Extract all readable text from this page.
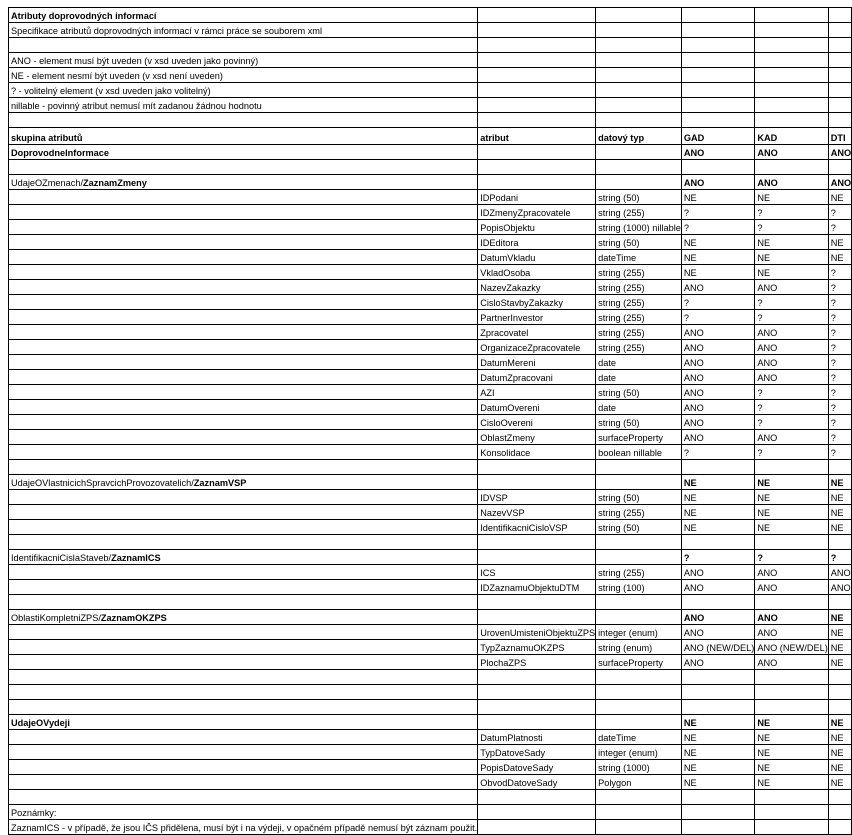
Atributy doprovodných informací					
Specifikace atributů doprovodných informací v rámci práce se souborem xml					

ANO - element musí být uveden (v xsd uveden jako povinný)					
NE - element nesmí být uveden (v xsd není uveden)					
? - volitelný element (v xsd uveden jako volitelný)					
nillable - povinný atribut nemusí mít zadanou žádnou hodnotu					

skupina atributů	atribut	datový typ	GAD	KAD	DTI
DoprovodneInformace			ANO	ANO	ANO

UdajeOZmenach/ZaznamZmeny			ANO	ANO	ANO
	IDPodani	string (50)	NE	NE	NE
	IDZmenyZpracovatele	string (255)	?	?	?
	PopisObjektu	string (1000) nillable	?	?	?
	IDEditora	string (50)	NE	NE	NE
	DatumVkladu	dateTime	NE	NE	NE
	VkladOsoba	string (255)	NE	NE	?
	NazevZakazky	string (255)	ANO	ANO	?
	CisloStavbyZakazky	string (255)	?	?	?
	PartnerInvestor	string (255)	?	?	?
	Zpracovatel	string (255)	ANO	ANO	?
	OrganizaceZpracovatele	string (255)	ANO	ANO	?
	DatumMereni	date	ANO	ANO	?
	DatumZpracovani	date	ANO	ANO	?
	AZI	string (50)	ANO	?	?
	DatumOvereni	date	ANO	?	?
	CisloOvereni	string (50)	ANO	?	?
	OblastZmeny	surfaceProperty	ANO	ANO	?
	Konsolidace	boolean nillable	?	?	?

UdajeOVlastnicichSpravcichProvozovatelich/ZaznamVSP			NE	NE	NE
	IDVSP	string (50)	NE	NE	NE
	NazevVSP	string (255)	NE	NE	NE
	IdentifikacniCisloVSP	string (50)	NE	NE	NE

IdentifikacniCislaStaveb/ZaznamICS			?	?	?
	ICS	string (255)	ANO	ANO	ANO
	IDZaznamuObjektuDTM	string (100)	ANO	ANO	ANO

OblastiKompletniZPS/ZaznamOKZPS			ANO	ANO	NE
	UrovenUmisteniObjektuZPS	integer (enum)	ANO	ANO	NE
	TypZaznamuOKZPS	string (enum)	ANO (NEW/DEL)	ANO (NEW/DEL)	NE
	PlochaZPS	surfaceProperty	ANO	ANO	NE

UdajeOVydeji			NE	NE	NE
	DatumPlatnosti	dateTime	NE	NE	NE
	TypDatoveSady	integer (enum)	NE	NE	NE
	PopisDatoveSady	string (1000)	NE	NE	NE
	ObvodDatoveSady	Polygon	NE	NE	NE

Poznámky:					
ZaznamICS - v případě, že jsou IČS přidělena, musí být i na výdeji, v opačném případě nemusí být záznam použit.					
